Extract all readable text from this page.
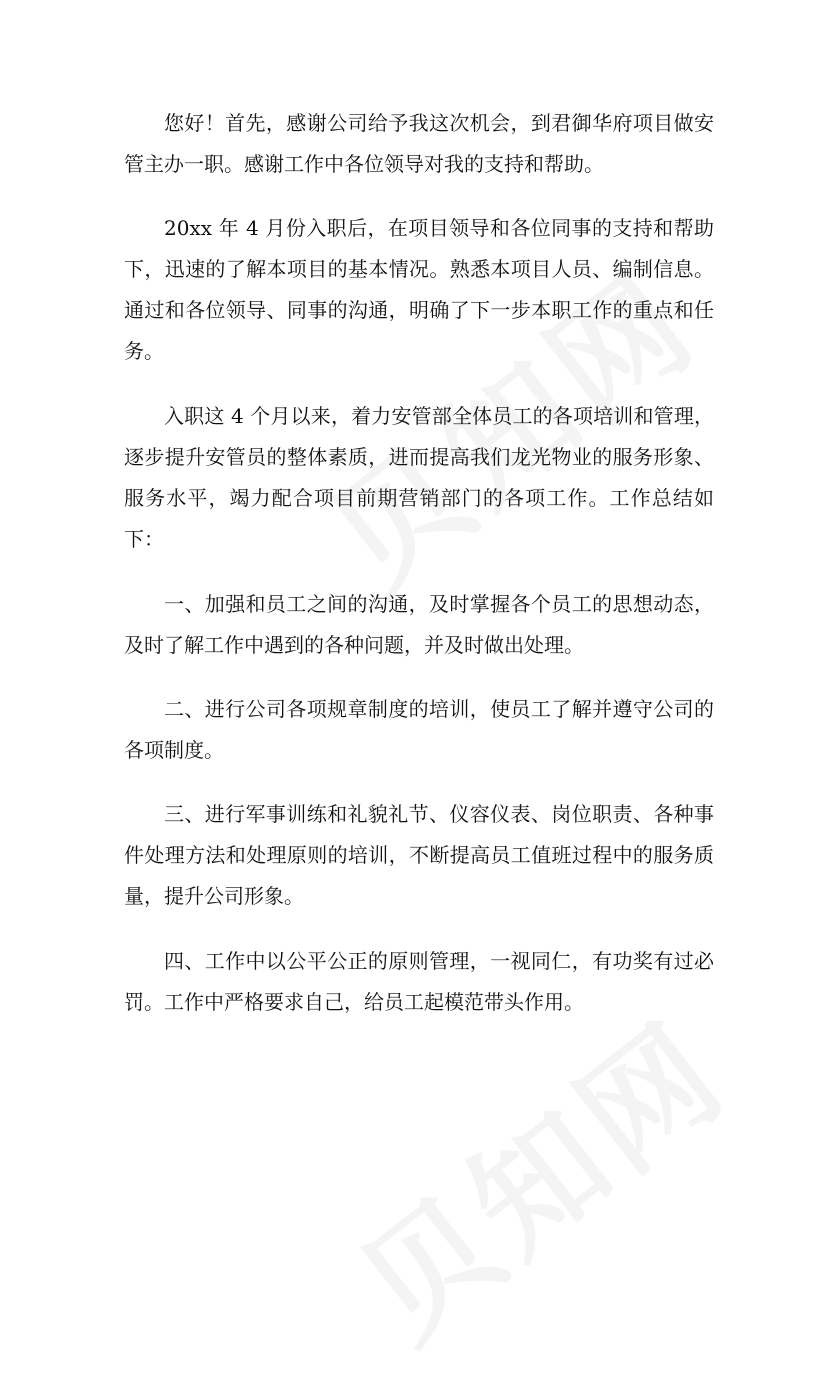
您好！首先，感谢公司给予我这次机会，到君御华府项目做安管主办一职。感谢工作中各位领导对我的支持和帮助。

20xx 年 4 月份入职后，在项目领导和各位同事的支持和帮助下，迅速的了解本项目的基本情况。熟悉本项目人员、编制信息。通过和各位领导、同事的沟通，明确了下一步本职工作的重点和任务。

入职这 4 个月以来，着力安管部全体员工的各项培训和管理，逐步提升安管员的整体素质，进而提高我们龙光物业的服务形象、服务水平，竭力配合项目前期营销部门的各项工作。工作总结如下：

一、加强和员工之间的沟通，及时掌握各个员工的思想动态，及时了解工作中遇到的各种问题，并及时做出处理。

二、进行公司各项规章制度的培训，使员工了解并遵守公司的各项制度。

三、进行军事训练和礼貌礼节、仪容仪表、岗位职责、各种事件处理方法和处理原则的培训，不断提高员工值班过程中的服务质量，提升公司形象。

四、工作中以公平公正的原则管理，一视同仁，有功奖有过必罚。工作中严格要求自己，给员工起模范带头作用。
